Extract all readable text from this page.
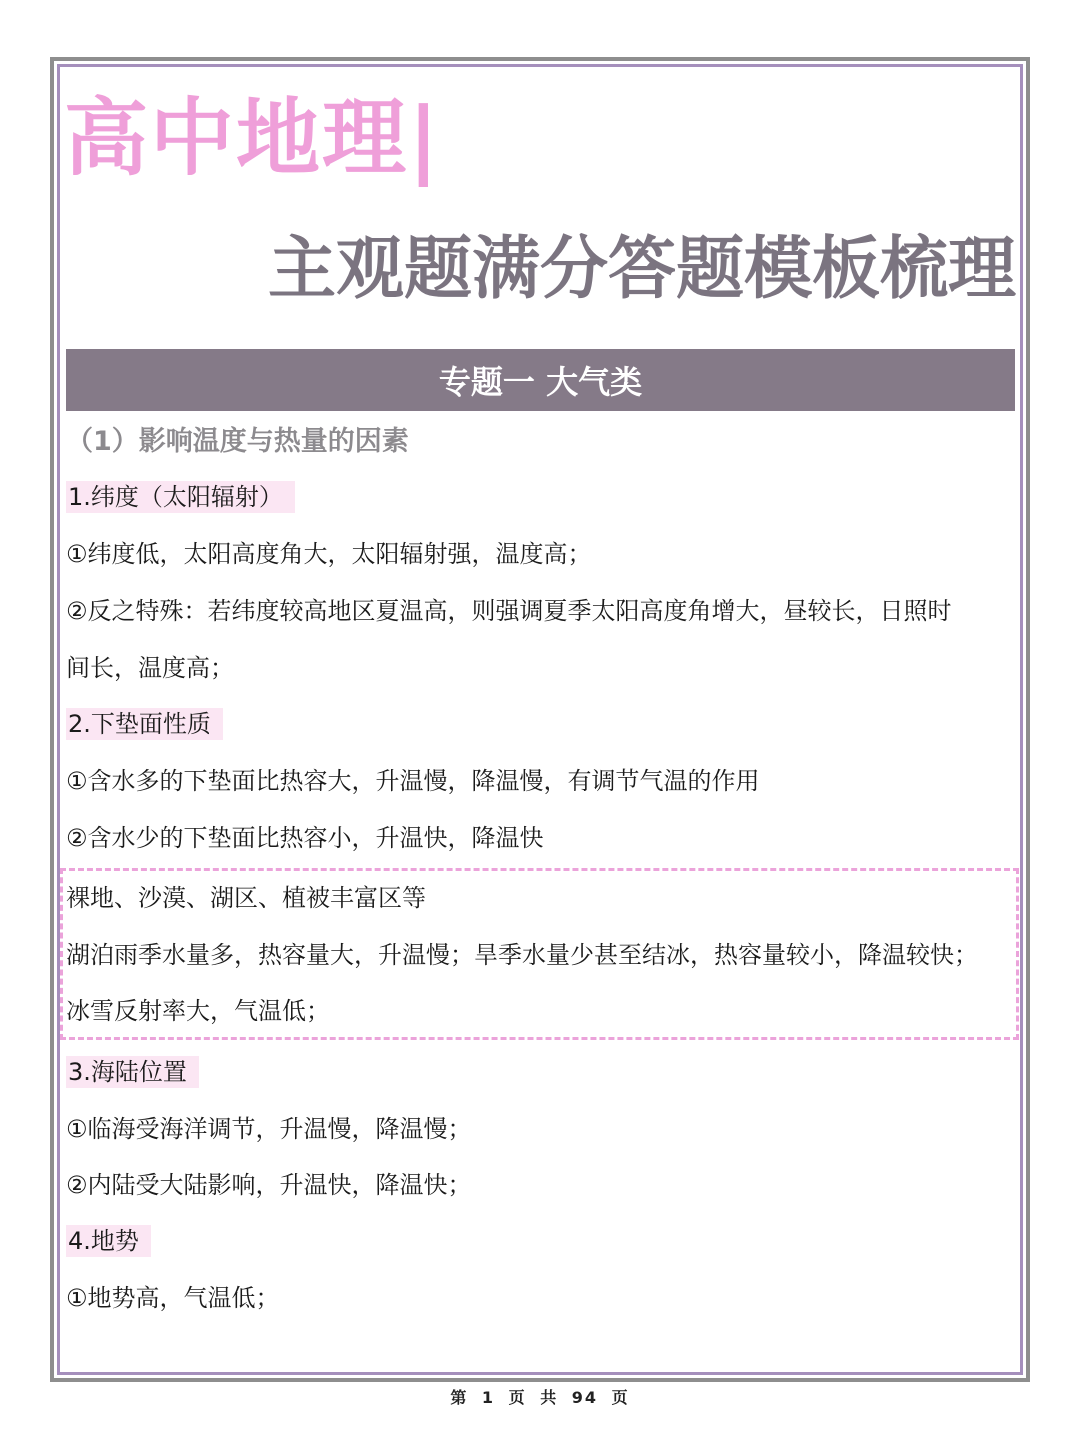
高中地理|
主观题满分答题模板梳理
专题一 大气类
（1）影响温度与热量的因素
1.纬度（太阳辐射）
①纬度低，太阳高度角大，太阳辐射强，温度高；
②反之特殊：若纬度较高地区夏温高，则强调夏季太阳高度角增大，昼较长，日照时
间长，温度高；
2.下垫面性质
①含水多的下垫面比热容大，升温慢，降温慢，有调节气温的作用
②含水少的下垫面比热容小，升温快，降温快
裸地、沙漠、湖区、植被丰富区等
湖泊雨季水量多，热容量大，升温慢；旱季水量少甚至结冰，热容量较小，降温较快；
冰雪反射率大，气温低；
3.海陆位置
①临海受海洋调节，升温慢，降温慢；
②内陆受大陆影响，升温快，降温快；
4.地势
①地势高，气温低；
第 1 页 共 94 页
